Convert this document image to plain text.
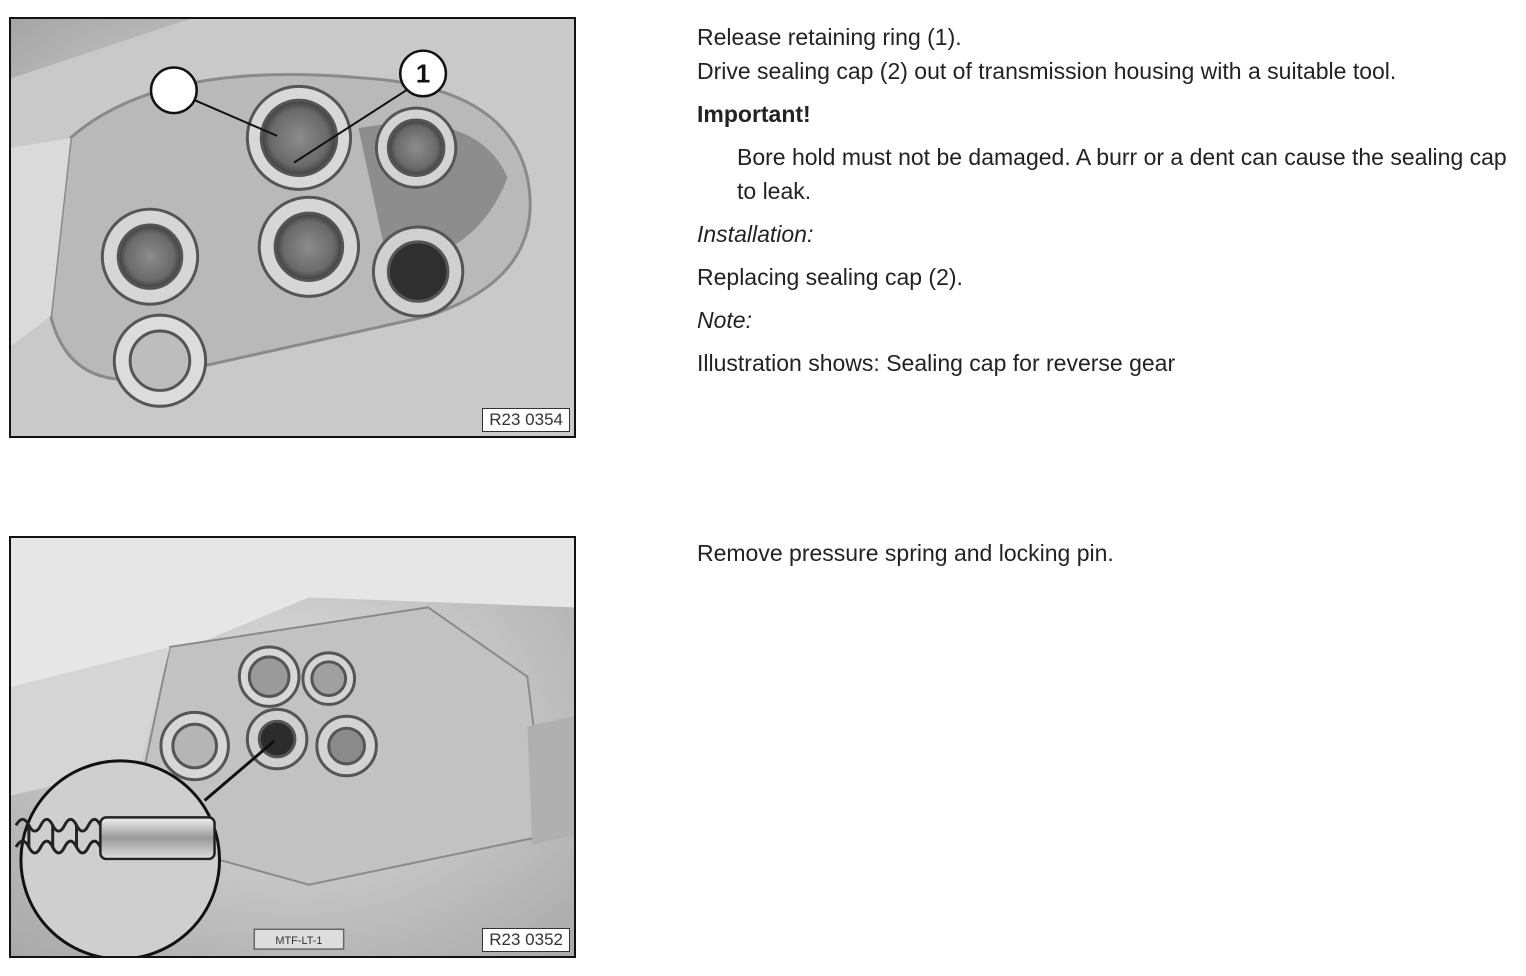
1
R23 0354
MTF-LT-1	R23 0352

Release retaining ring (1).

Drive sealing cap (2) out of transmission housing with a suitable tool.

Important!

Bore hold must not be damaged. A burr or a dent can cause the sealing cap to leak.

Installation:

Replacing sealing cap (2).

Note:

Illustration shows: Sealing cap for reverse gear

Remove pressure spring and locking pin.
